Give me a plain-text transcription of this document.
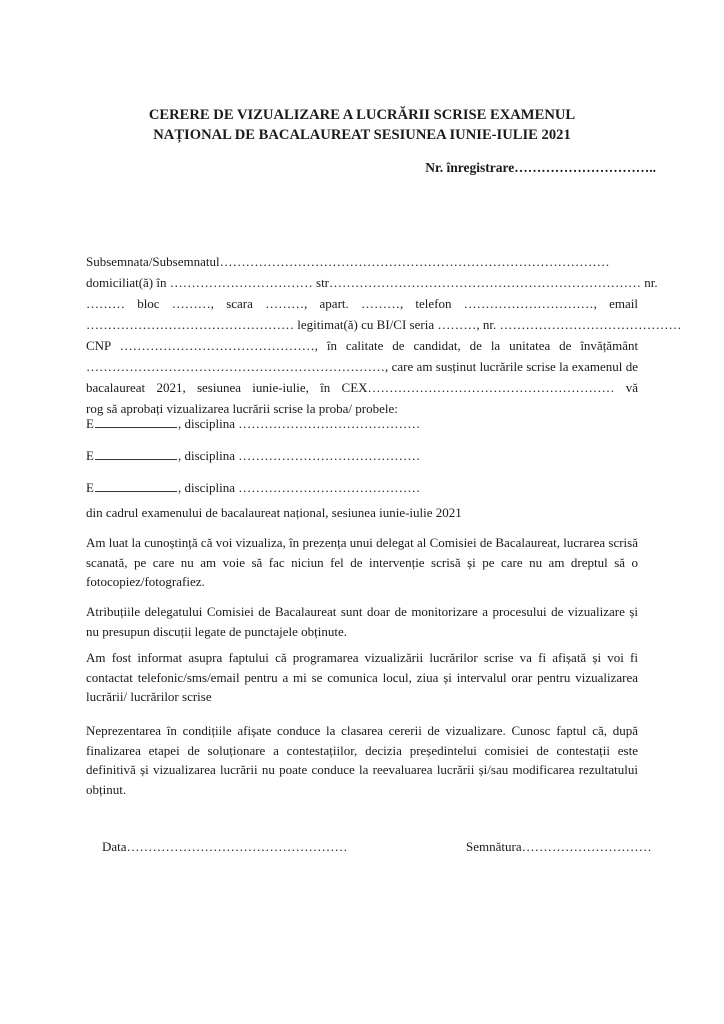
CERERE DE VIZUALIZARE A LUCRĂRII SCRISE EXAMENUL
NAȚIONAL DE BACALAUREAT SESIUNEA IUNIE-IULIE 2021
Nr. înregistrare…………………………..
Subsemnata/Subsemnatul………………………………………………………………………………
domiciliat(ă) în …………………………… str……………………………………………………………… nr.
……… bloc ………, scara ………, apart. ………, telefon …………………………, email
………………………………………… legitimat(ă) cu BI/CI seria ………, nr. ……………………………………
CNP ………………………………………, în calitate de candidat, de la unitatea de învățământ
……………………………………………………………, care am susținut lucrările scrise la examenul de
bacalaureat 2021, sesiunea iunie-iulie, în CEX………………………………………………… vă
rog să aprobați vizualizarea lucrării scrise la proba/ probele:
E	, disciplina ……………………………………
E	, disciplina ……………………………………
E	, disciplina ……………………………………
din cadrul examenului de bacalaureat național, sesiunea iunie-iulie 2021
Am luat la cunoștință că voi vizualiza, în prezența unui delegat al Comisiei de Bacalaureat, lucrarea scrisă scanată, pe care nu am voie să fac niciun fel de intervenție scrisă și pe care nu am dreptul să o fotocopiez/fotografiez.
Atribuțiile delegatului Comisiei de Bacalaureat sunt doar de monitorizare a procesului de vizualizare și nu presupun discuții legate de punctajele obținute.
Am fost informat asupra faptului că programarea vizualizării lucrărilor scrise va fi afișată și voi fi contactat telefonic/sms/email pentru a mi se comunica locul, ziua și intervalul orar pentru vizualizarea lucrării/ lucrărilor scrise
Neprezentarea în condițiile afișate conduce la clasarea cererii de vizualizare. Cunosc faptul că, după finalizarea etapei de soluționare a contestațiilor, decizia președintelui comisiei de contestații este definitivă și vizualizarea lucrării nu poate conduce la reevaluarea lucrării și/sau modificarea rezultatului obținut.
Data……………………………………………	Semnătura…………………………
